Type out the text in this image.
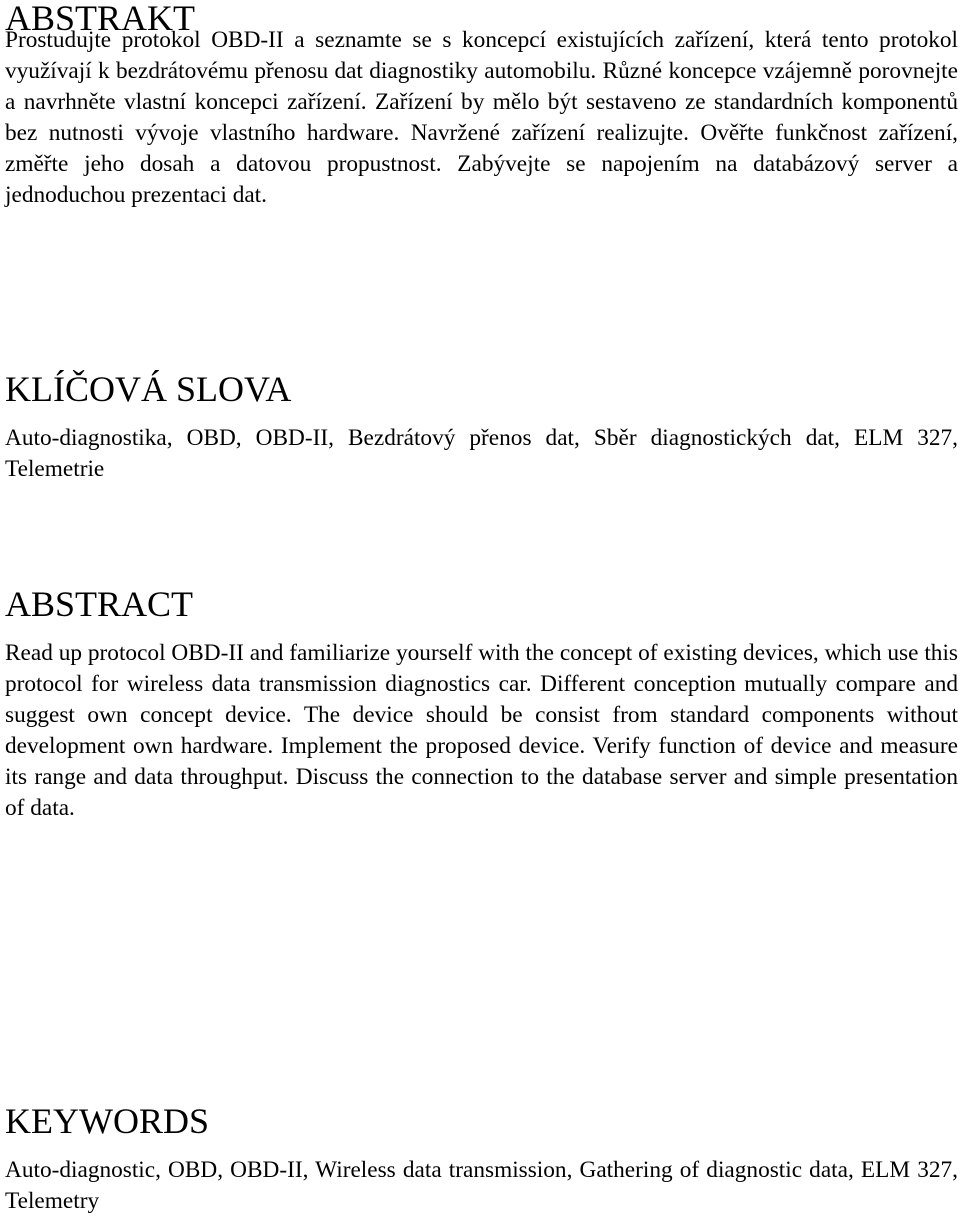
ABSTRAKT

Prostudujte protokol OBD-II a seznamte se s koncepcí existujících zařízení, která tento protokol využívají k bezdrátovému přenosu dat diagnostiky automobilu. Různé koncepce vzájemně porovnejte a navrhněte vlastní koncepci zařízení. Zařízení by mělo být sestaveno ze standardních komponentů bez nutnosti vývoje vlastního hardware. Navržené zařízení realizujte. Ověřte funkčnost zařízení, změřte jeho dosah a datovou propustnost. Zabývejte se napojením na databázový server a jednoduchou prezentaci dat.

KLÍČOVÁ SLOVA

Auto-diagnostika, OBD, OBD-II, Bezdrátový přenos dat, Sběr diagnostických dat, ELM 327, Telemetrie

ABSTRACT

Read up protocol OBD-II and familiarize yourself with the concept of existing devices, which use this protocol for wireless data transmission diagnostics car. Different conception mutually compare and suggest own concept device. The device should be consist from standard components without development own hardware. Implement the proposed device. Verify function of device and measure its range and data throughput. Discuss the connection to the database server and simple presentation of data.

KEYWORDS

Auto-diagnostic, OBD, OBD-II, Wireless data transmission, Gathering of diagnostic data, ELM 327, Telemetry
